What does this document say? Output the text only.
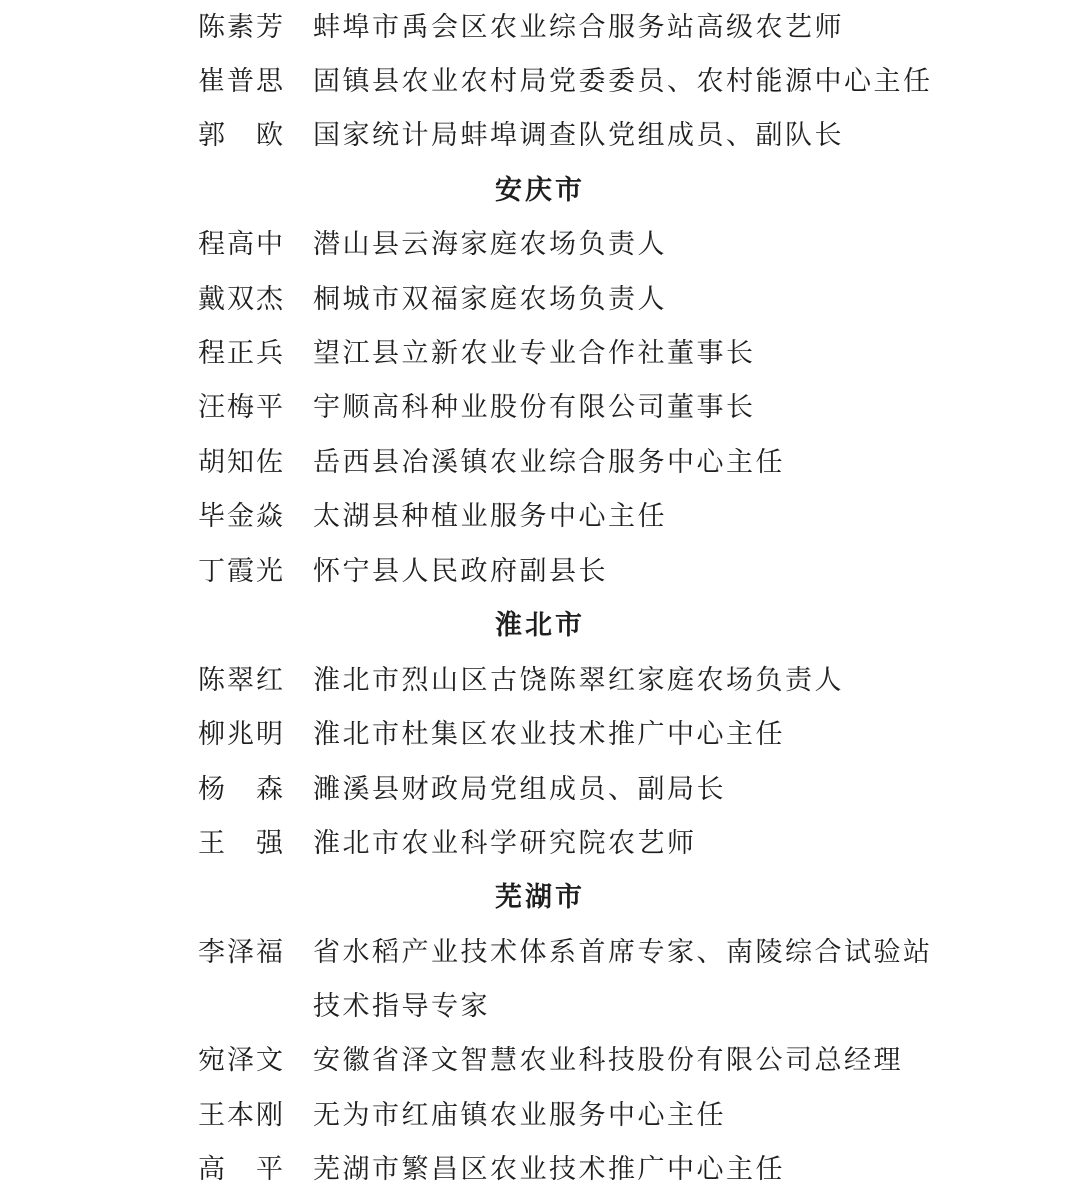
陈素芳 蚌埠市禹会区农业综合服务站高级农艺师
崔普思 固镇县农业农村局党委委员、农村能源中心主任
郭 欧 国家统计局蚌埠调查队党组成员、副队长
安庆市
程高中 潜山县云海家庭农场负责人
戴双杰 桐城市双福家庭农场负责人
程正兵 望江县立新农业专业合作社董事长
汪梅平 宇顺高科种业股份有限公司董事长
胡知佐 岳西县冶溪镇农业综合服务中心主任
毕金焱 太湖县种植业服务中心主任
丁霞光 怀宁县人民政府副县长
淮北市
陈翠红 淮北市烈山区古饶陈翠红家庭农场负责人
柳兆明 淮北市杜集区农业技术推广中心主任
杨 森 濉溪县财政局党组成员、副局长
王 强 淮北市农业科学研究院农艺师
芜湖市
李泽福 省水稻产业技术体系首席专家、南陵综合试验站
技术指导专家
宛泽文 安徽省泽文智慧农业科技股份有限公司总经理
王本刚 无为市红庙镇农业服务中心主任
高 平 芜湖市繁昌区农业技术推广中心主任
